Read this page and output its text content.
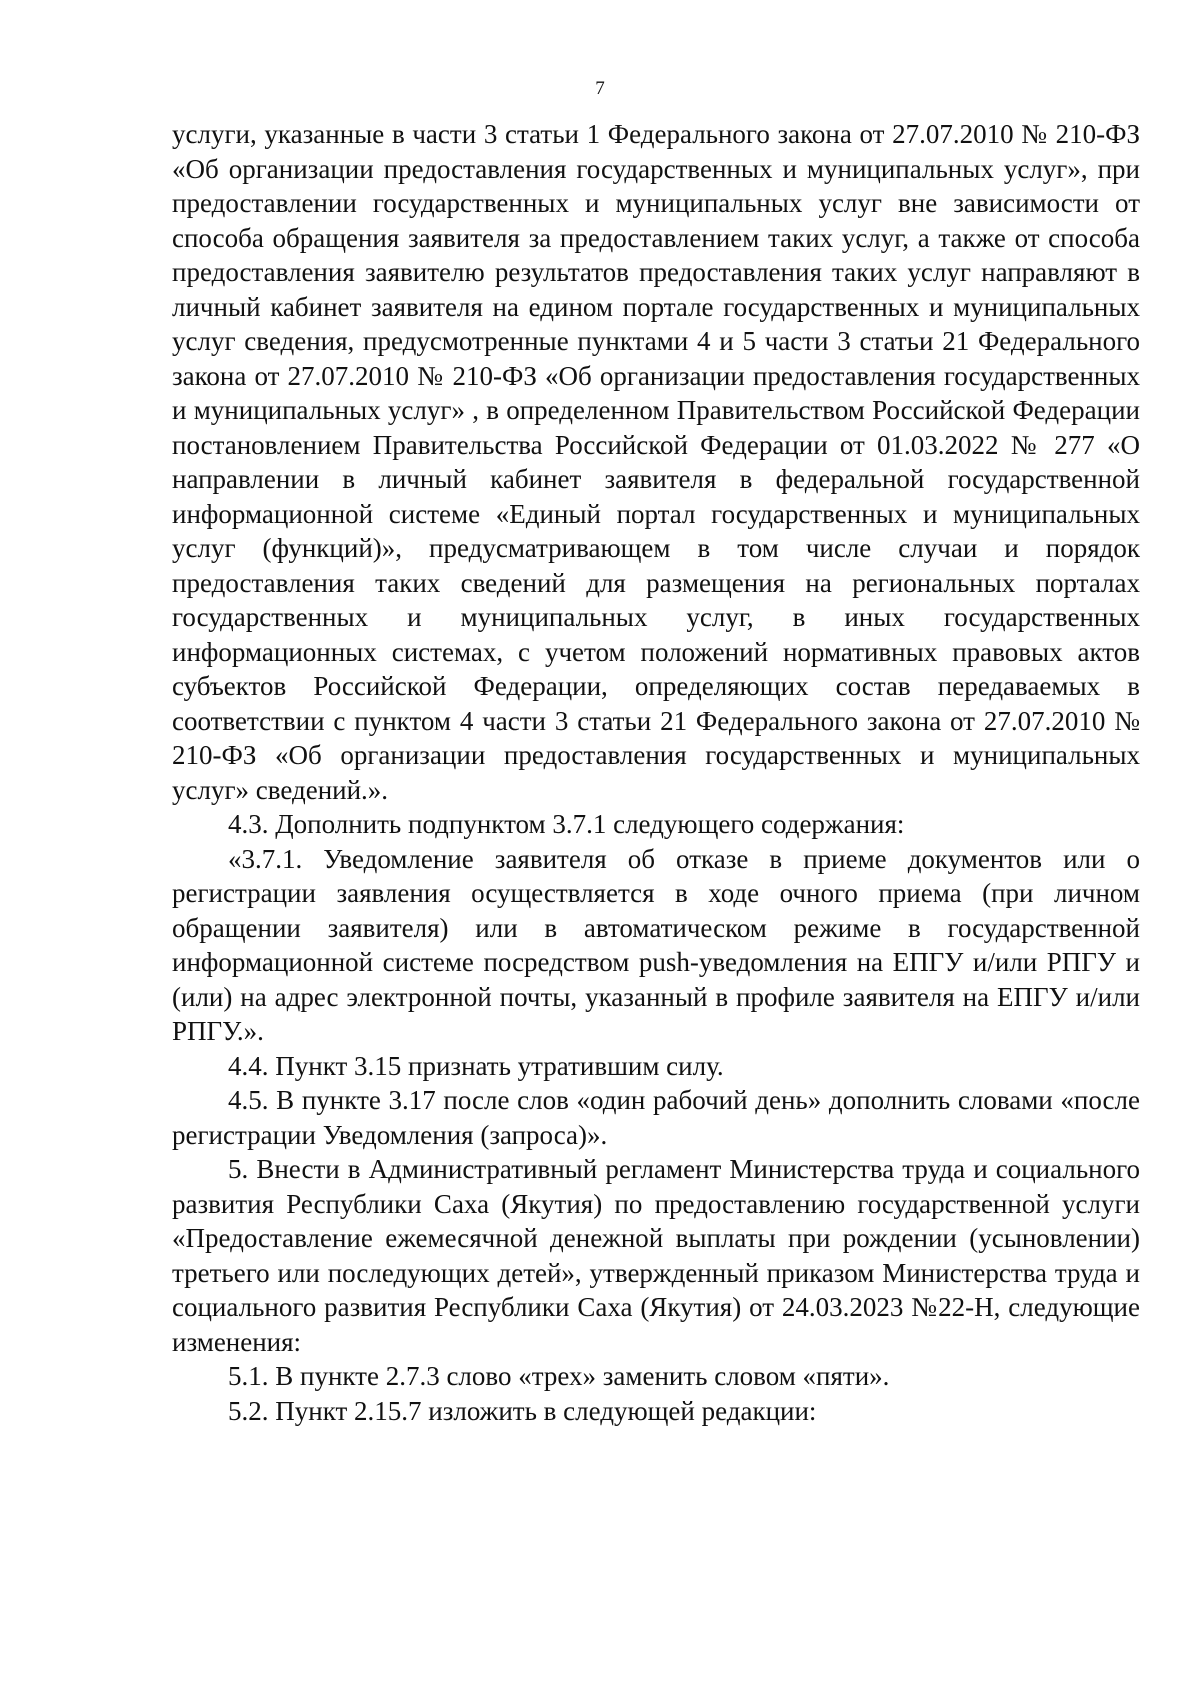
7

услуги, указанные в части 3 статьи 1 Федерального закона от 27.07.2010 № 210-ФЗ «Об организации предоставления государственных и муниципальных услуг», при предоставлении государственных и муниципальных услуг вне зависимости от способа обращения заявителя за предоставлением таких услуг, а также от способа предоставления заявителю результатов предоставления таких услуг направляют в личный кабинет заявителя на едином портале государственных и муниципальных услуг сведения, предусмотренные пунктами 4 и 5 части 3 статьи 21 Федерального закона от 27.07.2010 № 210-ФЗ «Об организации предоставления государственных и муниципальных услуг» , в определенном Правительством Российской Федерации постановлением Правительства Российской Федерации от 01.03.2022 № 277 «О направлении в личный кабинет заявителя в федеральной государственной информационной системе «Единый портал государственных и муниципальных услуг (функций)», предусматривающем в том числе случаи и порядок предоставления таких сведений для размещения на региональных порталах государственных и муниципальных услуг, в иных государственных информационных системах, с учетом положений нормативных правовых актов субъектов Российской Федерации, определяющих состав передаваемых в соответствии с пунктом 4 части 3 статьи 21 Федерального закона от 27.07.2010 № 210-ФЗ «Об организации предоставления государственных и муниципальных услуг» сведений.».

4.3. Дополнить подпунктом 3.7.1 следующего содержания:

«3.7.1. Уведомление заявителя об отказе в приеме документов или о регистрации заявления осуществляется в ходе очного приема (при личном обращении заявителя) или в автоматическом режиме в государственной информационной системе посредством push-уведомления на ЕПГУ и/или РПГУ и (или) на адрес электронной почты, указанный в профиле заявителя на ЕПГУ и/или РПГУ.».

4.4. Пункт 3.15 признать утратившим силу.

4.5. В пункте 3.17 после слов «один рабочий день» дополнить словами «после регистрации Уведомления (запроса)».

5. Внести в Административный регламент Министерства труда и социального развития Республики Саха (Якутия) по предоставлению государственной услуги «Предоставление ежемесячной денежной выплаты при рождении (усыновлении) третьего или последующих детей», утвержденный приказом Министерства труда и социального развития Республики Саха (Якутия) от 24.03.2023 №22-Н, следующие изменения:

5.1. В пункте 2.7.3 слово «трех» заменить словом «пяти».

5.2. Пункт 2.15.7 изложить в следующей редакции:
